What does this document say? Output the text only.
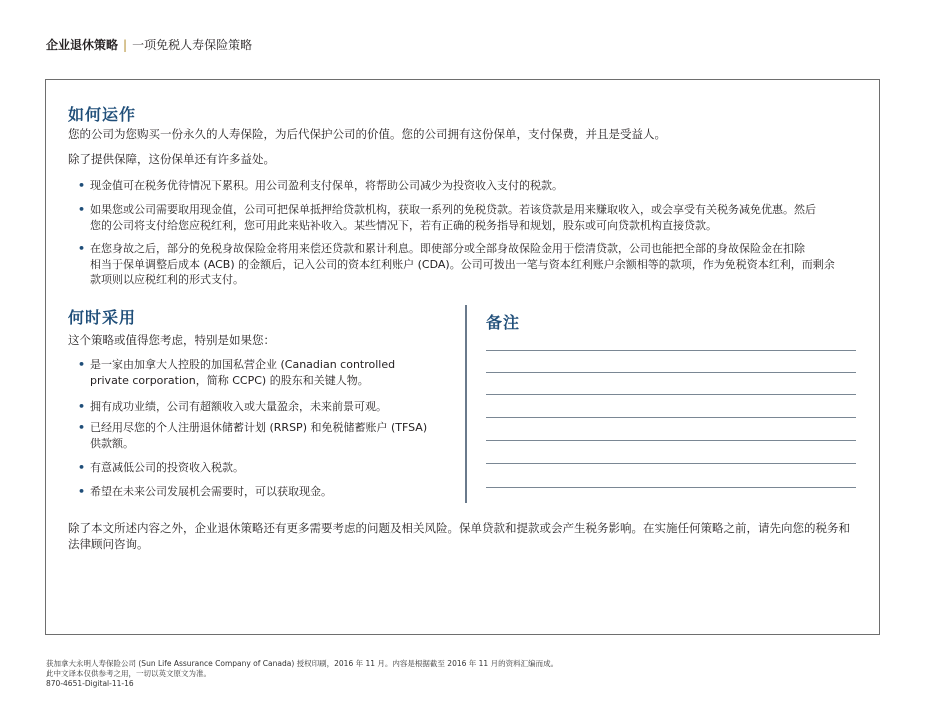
企业退休策略 | 一项免税人寿保险策略
如何运作
您的公司为您购买一份永久的人寿保险，为后代保护公司的价值。您的公司拥有这份保单，支付保费，并且是受益人。
除了提供保障，这份保单还有许多益处。
• 现金值可在税务优待情况下累积。用公司盈利支付保单，将帮助公司减少为投资收入支付的税款。
• 如果您或公司需要取用现金值，公司可把保单抵押给贷款机构，获取一系列的免税贷款。若该贷款是用来赚取收入，或会享受有关税务减免优惠。然后
您的公司将支付给您应税红利，您可用此来贴补收入。某些情况下，若有正确的税务指导和规划，股东或可向贷款机构直接贷款。
• 在您身故之后，部分的免税身故保险金将用来偿还贷款和累计利息。即使部分或全部身故保险金用于偿清贷款，公司也能把全部的身故保险金在扣除
相当于保单调整后成本 (ACB) 的金额后，记入公司的资本红利账户 (CDA)。公司可拨出一笔与资本红利账户余额相等的款项，作为免税资本红利，而剩余
款项则以应税红利的形式支付。
何时采用
这个策略或值得您考虑，特别是如果您：
• 是一家由加拿大人控股的加国私营企业 (Canadian controlled
private corporation，简称 CCPC) 的股东和关键人物。
• 拥有成功业绩，公司有超额收入或大量盈余，未来前景可观。
• 已经用尽您的个人注册退休储蓄计划 (RRSP) 和免税储蓄账户 (TFSA)
供款额。
• 有意减低公司的投资收入税款。
• 希望在未来公司发展机会需要时，可以获取现金。
备注
除了本文所述内容之外，企业退休策略还有更多需要考虑的问题及相关风险。保单贷款和提款或会产生税务影响。在实施任何策略之前，请先向您的税务和
法律顾问咨询。
获加拿大永明人寿保险公司 (Sun Life Assurance Company of Canada) 授权印刷，2016 年 11 月。内容是根据截至 2016 年 11 月的资料汇编而成。
此中文译本仅供参考之用，一切以英文原文为准。
870-4651-Digital-11-16
